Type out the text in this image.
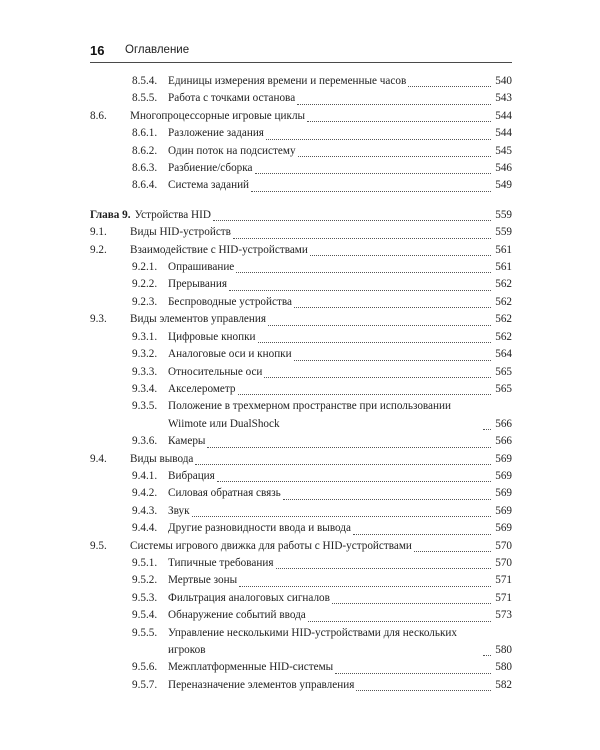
16 Оглавление
8.5.4. Единицы измерения времени и переменные часов	540
8.5.5. Работа с точками останова	543
8.6. Многопроцессорные игровые циклы	544
8.6.1. Разложение задания	544
8.6.2. Один поток на подсистему	545
8.6.3. Разбиение/сборка	546
8.6.4. Система заданий	549
Глава 9. Устройства HID	559
9.1. Виды HID-устройств	559
9.2. Взаимодействие с HID-устройствами	561
9.2.1. Опрашивание	561
9.2.2. Прерывания	562
9.2.3. Беспроводные устройства	562
9.3. Виды элементов управления	562
9.3.1. Цифровые кнопки	562
9.3.2. Аналоговые оси и кнопки	564
9.3.3. Относительные оси	565
9.3.4. Акселерометр	565
9.3.5. Положение в трехмерном пространстве при использовании Wiimote или DualShock	566
9.3.6. Камеры	566
9.4. Виды вывода	569
9.4.1. Вибрация	569
9.4.2. Силовая обратная связь	569
9.4.3. Звук	569
9.4.4. Другие разновидности ввода и вывода	569
9.5. Системы игрового движка для работы с HID-устройствами	570
9.5.1. Типичные требования	570
9.5.2. Мертвые зоны	571
9.5.3. Фильтрация аналоговых сигналов	571
9.5.4. Обнаружение событий ввода	573
9.5.5. Управление несколькими HID-устройствами для нескольких игроков	580
9.5.6. Межплатформенные HID-системы	580
9.5.7. Переназначение элементов управления	582
